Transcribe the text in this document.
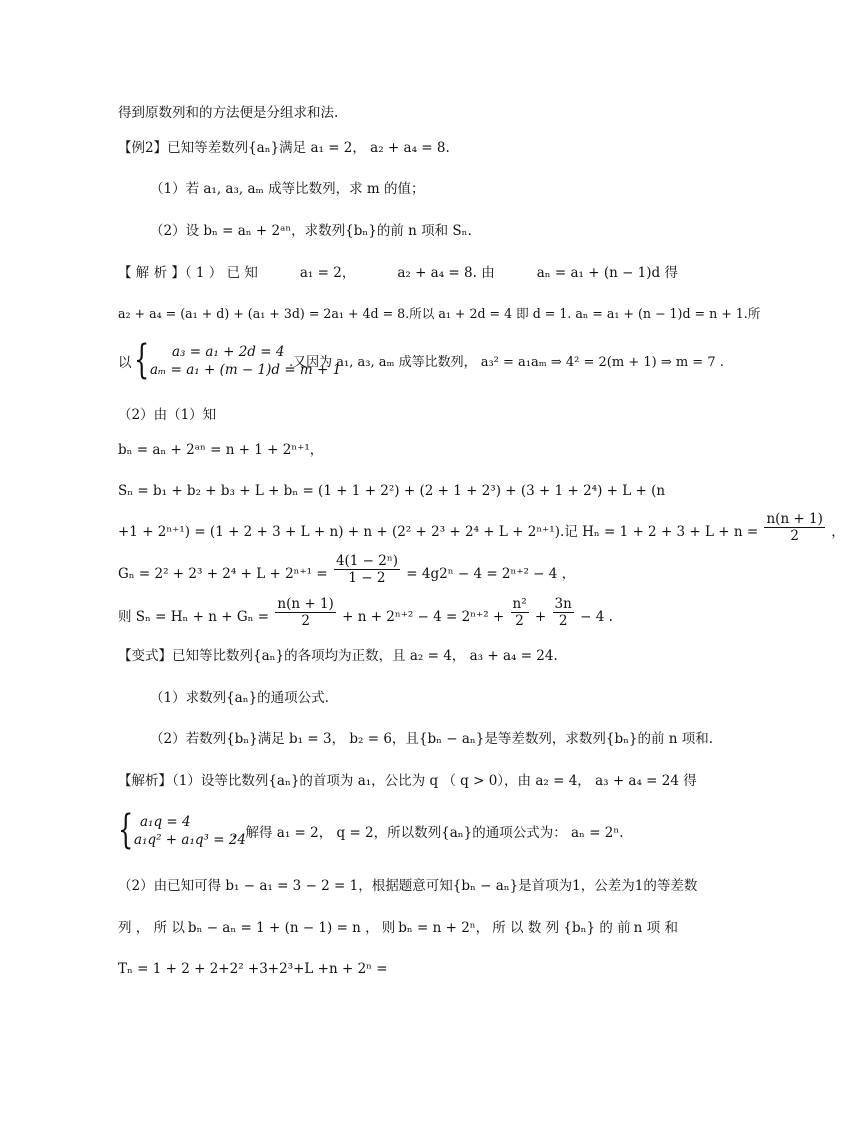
得到原数列和的方法便是分组求和法.
【例2】已知等差数列{aₙ}满足 a₁ = 2， a₂ + a₄ = 8.
（1）若 a₁, a₃, aₘ 成等比数列，求 m 的值；
（2）设 bₙ = aₙ + 2ᵃⁿ，求数列{bₙ}的前 n 项和 Sₙ.
【 解 析 】（ 1 ） 已 知	a₁ = 2，	a₂ + a₄ = 8. 由	aₙ = a₁ + (n − 1)d 得
a₂ + a₄ = (a₁ + d) + (a₁ + 3d) = 2a₁ + 4d = 8.所以 a₁ + 2d = 4 即 d = 1. aₙ = a₁ + (n − 1)d = n + 1.所
以 { a₃ = a₁ + 2d = 4
aₘ = a₁ + (m − 1)d = m + 1
.又因为 a₁, a₃, aₘ 成等比数列， a₃² = a₁aₘ ⇒ 4² = 2(m + 1) ⇒ m = 7 .
（2）由（1）知
bₙ = aₙ + 2ᵃⁿ = n + 1 + 2ⁿ⁺¹，
Sₙ = b₁ + b₂ + b₃ + L + bₙ = (1 + 1 + 2²) + (2 + 1 + 2³) + (3 + 1 + 2⁴) + L + (n
+1 + 2ⁿ⁺¹) = (1 + 2 + 3 + L + n) + n + (2² + 2³ + 2⁴ + L + 2ⁿ⁺¹).记 $H_n = 1 + 2 + 3 + L + n = \frac{n(n + 1)}{2}$ ，
$G_n = 2^2 + 2^3 + 2^4 + L + 2^{n+1} = \frac{\text{4(1 − 2ⁿ)}}{1 - 2} = 4g2^n - 4 = 2^{n+2} - 4$ ，
则 $S_n = H_n + n + G_n = \frac{n(n + 1)}{2} + n + 2^{n+2} - 4 = 2^{n+2} + \frac{\text{n²}}{2} + \frac{3n}{2} - 4$ .
【变式】已知等比数列{aₙ}的各项均为正数，且 a₂ = 4， a₃ + a₄ = 24.
（1）求数列{aₙ}的通项公式.
（2）若数列{bₙ}满足 b₁ = 3， b₂ = 6，且{bₙ − aₙ}是等差数列，求数列{bₙ}的前 n 项和.
【解析】（1）设等比数列{aₙ}的首项为 a₁，公比为 q （ q > 0），由 a₂ = 4， a₃ + a₄ = 24 得
{ a₁q = 4
a₁q² + a₁q³ = 24
，解得 a₁ = 2， q = 2，所以数列{aₙ}的通项公式为： aₙ = 2ⁿ.
（2）由已知可得 b₁ − a₁ = 3 − 2 = 1，根据题意可知{bₙ − aₙ}是首项为1，公差为1的等差数
列 ， 所 以 bₙ − aₙ = 1 + (n − 1) = n ， 则 bₙ = n + 2ⁿ， 所 以 数 列 {bₙ} 的 前 n 项 和
Tₙ = 1 + 2 + 2+2² +3+2³+L +n + 2ⁿ =
